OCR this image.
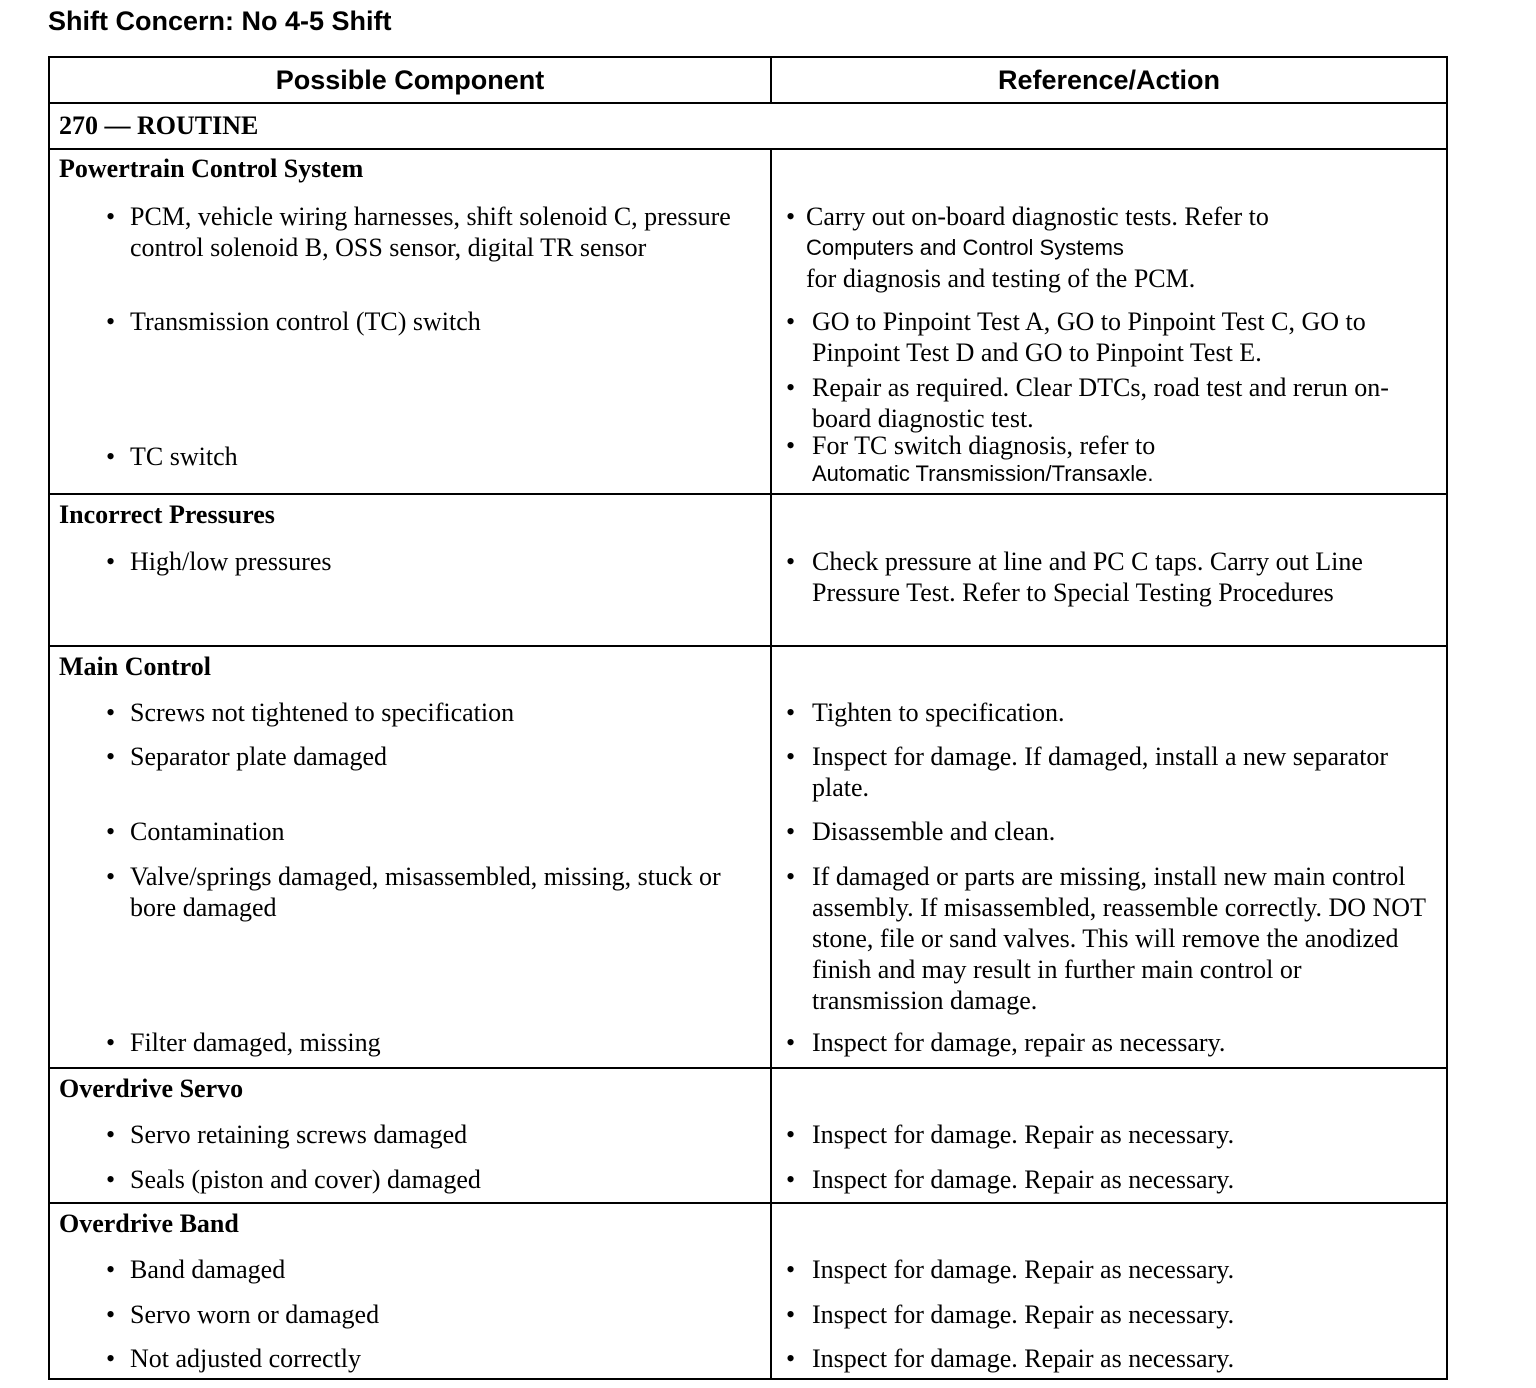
Shift Concern: No 4-5 Shift
Possible Component	Reference/Action
270 — ROUTINE
Powertrain Control System
• PCM, vehicle wiring harnesses, shift solenoid C, pressure control solenoid B, OSS sensor, digital TR sensor
• Transmission control (TC) switch
• TC switch
• Carry out on-board diagnostic tests. Refer to
Computers and Control Systems
for diagnosis and testing of the PCM.
• GO to Pinpoint Test A, GO to Pinpoint Test C, GO to Pinpoint Test D and GO to Pinpoint Test E.
• Repair as required. Clear DTCs, road test and rerun on-board diagnostic test.
• For TC switch diagnosis, refer to
Automatic Transmission/Transaxle.
Incorrect Pressures
• High/low pressures	• Check pressure at line and PC C taps. Carry out Line Pressure Test. Refer to Special Testing Procedures
Main Control
• Screws not tightened to specification
• Separator plate damaged
• Contamination
• Valve/springs damaged, misassembled, missing, stuck or bore damaged
• Filter damaged, missing
• Tighten to specification.
• Inspect for damage. If damaged, install a new separator plate.
• Disassemble and clean.
• If damaged or parts are missing, install new main control assembly. If misassembled, reassemble correctly. DO NOT stone, file or sand valves. This will remove the anodized finish and may result in further main control or transmission damage.
• Inspect for damage, repair as necessary.
Overdrive Servo
• Servo retaining screws damaged
• Seals (piston and cover) damaged
• Inspect for damage. Repair as necessary.
• Inspect for damage. Repair as necessary.
Overdrive Band
• Band damaged
• Servo worn or damaged
• Not adjusted correctly
• Inspect for damage. Repair as necessary.
• Inspect for damage. Repair as necessary.
• Inspect for damage. Repair as necessary.
